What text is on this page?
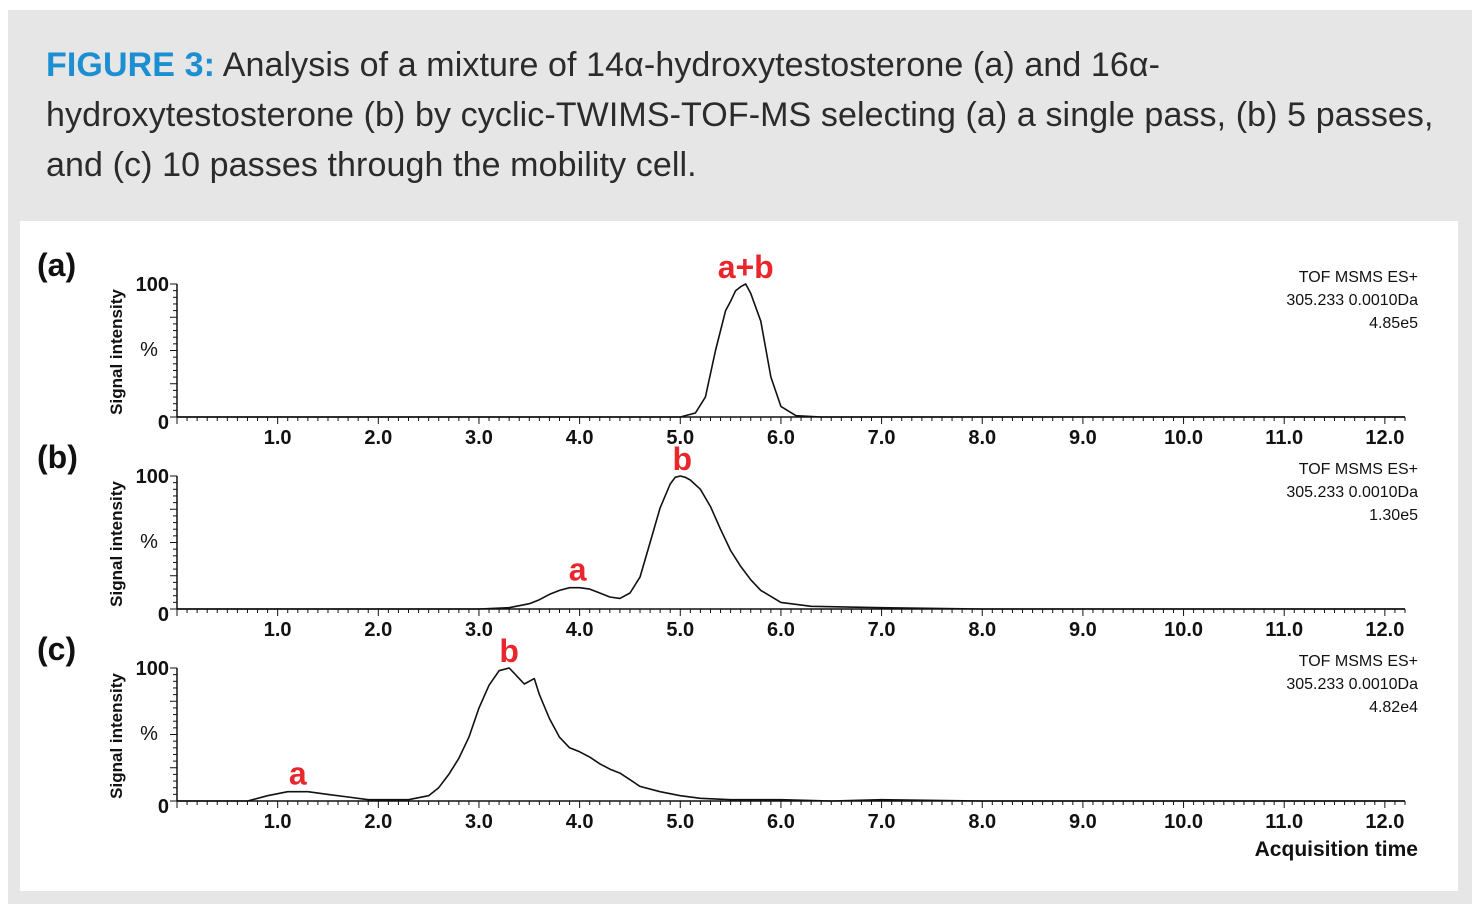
FIGURE 3: Analysis of a mixture of 14α-hydroxytestosterone (a) and 16α-hydroxytestosterone (b) by cyclic-TWIMS-TOF-MS selecting (a) a single pass, (b) 5 passes, and (c) 10 passes through the mobility cell.
(a)
100
0
%
Signal intensity
1.0	2.0	3.0	4.0	5.0	6.0	7.0	8.0	9.0	10.0	11.0	12.0
a+b	TOF MSMS ES+
305.233 0.0010Da
4.85e5
(b)
100
0
%
Signal intensity
1.0	2.0	3.0	4.0	5.0	6.0	7.0	8.0	9.0	10.0	11.0	12.0
a
b	TOF MSMS ES+
305.233 0.0010Da
1.30e5
(c)
100
0
%
Signal intensity
1.0	2.0	3.0	4.0	5.0	6.0	7.0	8.0	9.0	10.0	11.0	12.0
a
b	TOF MSMS ES+
305.233 0.0010Da
4.82e4
Acquisition time
